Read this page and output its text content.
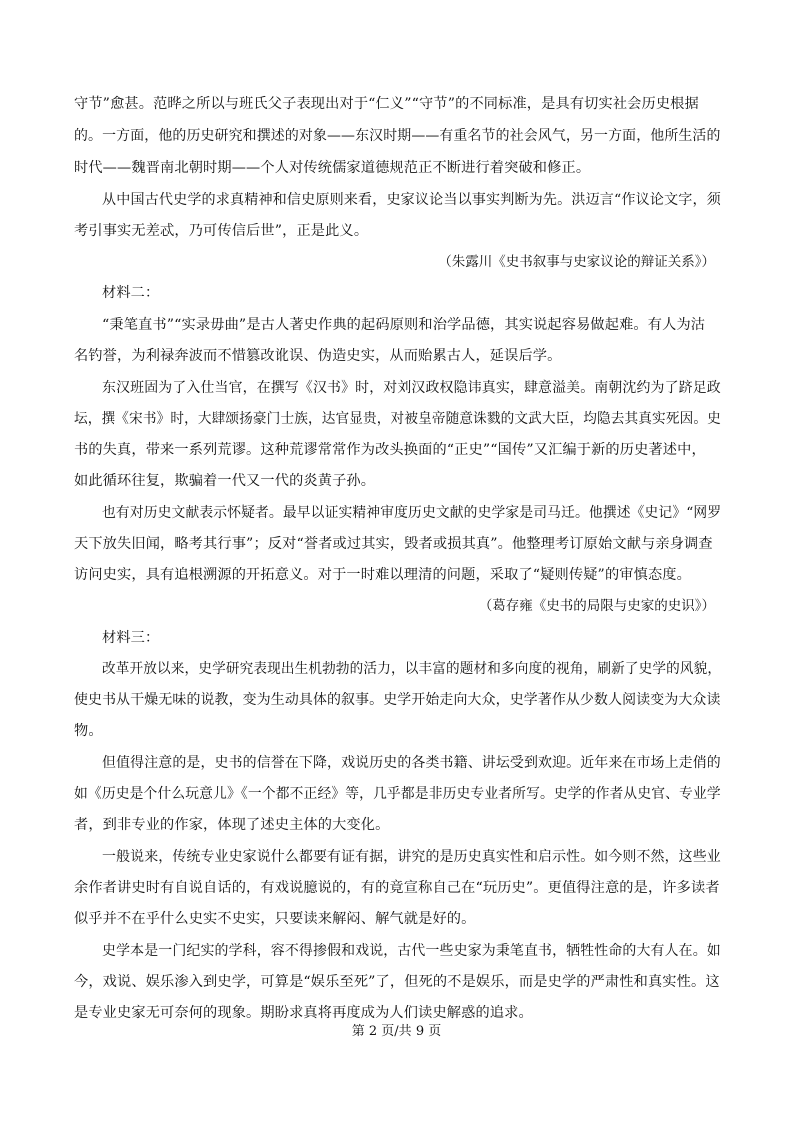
守节”愈甚。范晔之所以与班氏父子表现出对于“仁义”“守节”的不同标准，是具有切实社会历史根据
的。一方面，他的历史研究和撰述的对象——东汉时期——有重名节的社会风气，另一方面，他所生活的
时代——魏晋南北朝时期——个人对传统儒家道德规范正不断进行着突破和修正。
从中国古代史学的求真精神和信史原则来看，史家议论当以事实判断为先。洪迈言“作议论文字，须
考引事实无差忒，乃可传信后世”，正是此义。
（朱露川《史书叙事与史家议论的辩证关系》）
材料二：
“秉笔直书”“实录毋曲”是古人著史作典的起码原则和治学品德，其实说起容易做起难。有人为沽
名钓誉，为利禄奔波而不惜篡改讹误、伪造史实，从而贻累古人，延误后学。
东汉班固为了入仕当官，在撰写《汉书》时，对刘汉政权隐讳真实，肆意溢美。南朝沈约为了跻足政
坛，撰《宋书》时，大肆颂扬豪门士族，达官显贵，对被皇帝随意诛戮的文武大臣，均隐去其真实死因。史
书的失真，带来一系列荒谬。这种荒谬常常作为改头换面的“正史”“国传”又汇编于新的历史著述中，
如此循环往复，欺骗着一代又一代的炎黄子孙。
也有对历史文献表示怀疑者。最早以证实精神审度历史文献的史学家是司马迁。他撰述《史记》“网罗
天下放失旧闻，略考其行事”；反对“誉者或过其实，毁者或损其真”。他整理考订原始文献与亲身调查
访问史实，具有追根溯源的开拓意义。对于一时难以理清的问题，采取了“疑则传疑”的审慎态度。
（葛存雍《史书的局限与史家的史识》）
材料三：
改革开放以来，史学研究表现出生机勃勃的活力，以丰富的题材和多向度的视角，刷新了史学的风貌，
使史书从干燥无味的说教，变为生动具体的叙事。史学开始走向大众，史学著作从少数人阅读变为大众读
物。
但值得注意的是，史书的信誉在下降，戏说历史的各类书籍、讲坛受到欢迎。近年来在市场上走俏的
如《历史是个什么玩意儿》《一个都不正经》等，几乎都是非历史专业者所写。史学的作者从史官、专业学
者，到非专业的作家，体现了述史主体的大变化。
一般说来，传统专业史家说什么都要有证有据，讲究的是历史真实性和启示性。如今则不然，这些业
余作者讲史时有自说自话的，有戏说臆说的，有的竟宣称自己在“玩历史”。更值得注意的是，许多读者
似乎并不在乎什么史实不史实，只要读来解闷、解气就是好的。
史学本是一门纪实的学科，容不得掺假和戏说，古代一些史家为秉笔直书，牺牲性命的大有人在。如
今，戏说、娱乐渗入到史学，可算是“娱乐至死”了，但死的不是娱乐，而是史学的严肃性和真实性。这
是专业史家无可奈何的现象。期盼求真将再度成为人们读史解惑的追求。
第 2 页/共 9 页
